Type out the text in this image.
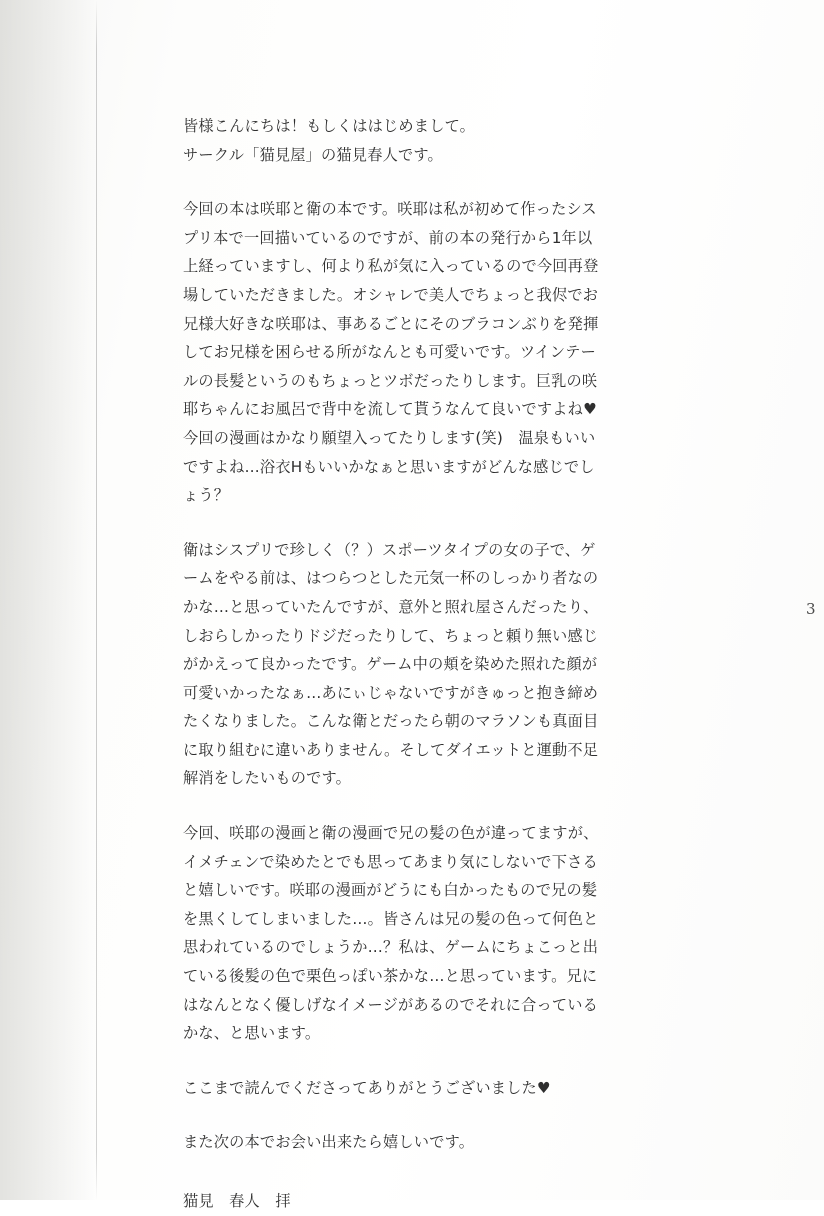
3

皆様こんにちは！もしくははじめまして。

サークル「猫見屋」の猫見春人です。

今回の本は咲耶と衛の本です。咲耶は私が初めて作ったシスプリ本で一回描いているのですが、前の本の発行から1年以上経っていますし、何より私が気に入っているので今回再登場していただきました。オシャレで美人でちょっと我侭でお兄様大好きな咲耶は、事あるごとにそのブラコンぶりを発揮してお兄様を困らせる所がなんとも可愛いです。ツインテールの長髪というのもちょっとツボだったりします。巨乳の咲耶ちゃんにお風呂で背中を流して貰うなんて良いですよね♥ 今回の漫画はかなり願望入ってたりします(笑)　温泉もいいですよね…浴衣Hもいいかなぁと思いますがどんな感じでしょう？

衛はシスプリで珍しく（？）スポーツタイプの女の子で、ゲームをやる前は、はつらつとした元気一杯のしっかり者なのかな…と思っていたんですが、意外と照れ屋さんだったり、しおらしかったりドジだったりして、ちょっと頼り無い感じがかえって良かったです。ゲーム中の頬を染めた照れた顔が可愛いかったなぁ…あにぃじゃないですがきゅっと抱き締めたくなりました。こんな衛とだったら朝のマラソンも真面目に取り組むに違いありません。そしてダイエットと運動不足解消をしたいものです。

今回、咲耶の漫画と衛の漫画で兄の髪の色が違ってますが、イメチェンで染めたとでも思ってあまり気にしないで下さると嬉しいです。咲耶の漫画がどうにも白かったもので兄の髪を黒くしてしまいました…。皆さんは兄の髪の色って何色と思われているのでしょうか…？私は、ゲームにちょこっと出ている後髪の色で栗色っぽい茶かな…と思っています。兄にはなんとなく優しげなイメージがあるのでそれに合っているかな、と思います。

ここまで読んでくださってありがとうございました♥

また次の本でお会い出来たら嬉しいです。

猫見　春人　拝
